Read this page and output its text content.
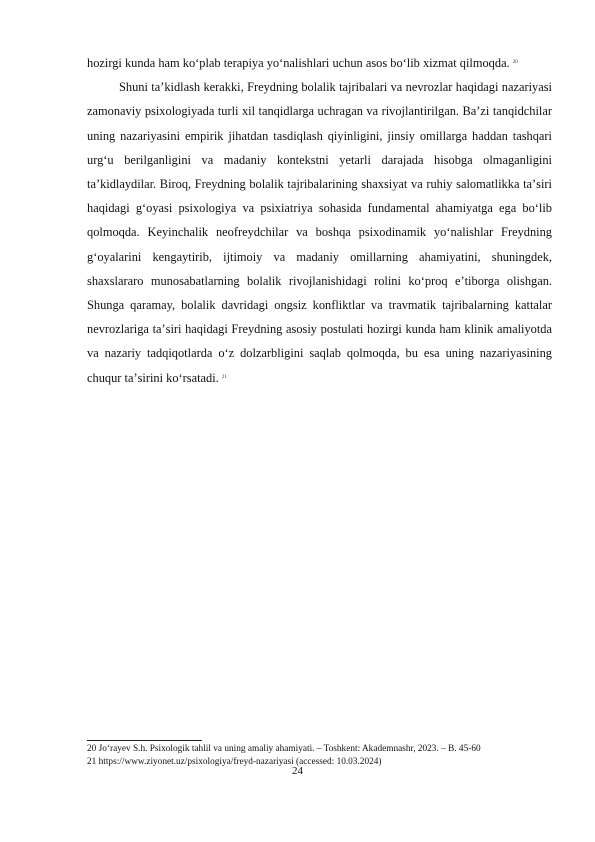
hozirgi kunda ham koʻplab terapiya yoʻnalishlari uchun asos boʻlib xizmat qilmoqda. $^{20}$

Shuni taʼkidlash kerakki, Freydning bolalik tajribalari va nevrozlar haqidagi nazariyasi zamonaviy psixologiyada turli xil tanqidlarga uchragan va rivojlantirilgan. Baʼzi tanqidchilar uning nazariyasini empirik jihatdan tasdiqlash qiyinligini, jinsiy omillarga haddan tashqari urgʻu berilganligini va madaniy kontekstni yetarli darajada hisobga olmaganligini taʼkidlaydilar. Biroq, Freydning bolalik tajribalarining shaxsiyat va ruhiy salomatlikka taʼsiri haqidagi gʻoyasi psixologiya va psixiatriya sohasida fundamental ahamiyatga ega boʻlib qolmoqda. Keyinchalik neofreydchilar va boshqa psixodinamik yoʻnalishlar Freydning gʻoyalarini kengaytirib, ijtimoiy va madaniy omillarning ahamiyatini, shuningdek, shaxslararo munosabatlarning bolalik rivojlanishidagi rolini koʻproq eʼtiborga olishgan. Shunga qaramay, bolalik davridagi ongsiz konfliktlar va travmatik tajribalarning kattalar nevrozlariga taʼsiri haqidagi Freydning asosiy postulati hozirgi kunda ham klinik amaliyotda va nazariy tadqiqotlarda oʻz dolzarbligini saqlab qolmoqda, bu esa uning nazariyasining chuqur taʼsirini koʻrsatadi. $^{21}$

20 Joʻrayev S.h. Psixologik tahlil va uning amaliy ahamiyati. – Toshkent: Akademnashr, 2023. – B. 45-60

21 https://www.ziyonet.uz/psixologiya/freyd-nazariyasi (accessed: 10.03.2024)

24
